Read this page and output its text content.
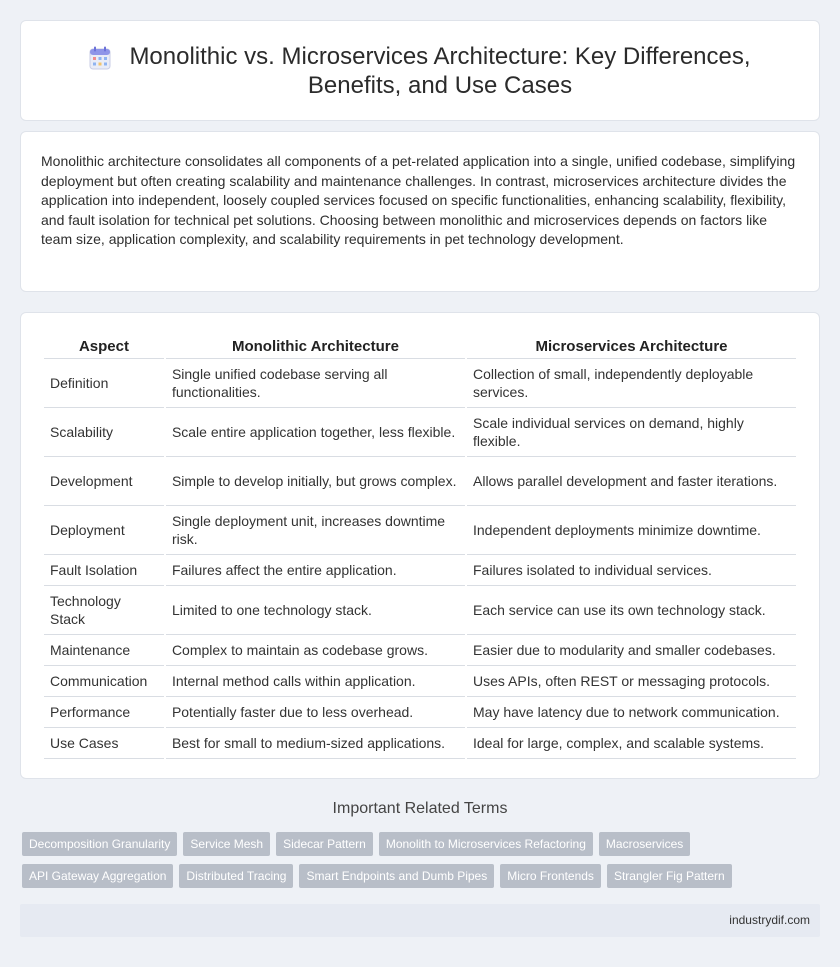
Monolithic vs. Microservices Architecture: Key Differences, Benefits, and Use Cases

Monolithic architecture consolidates all components of a pet-related application into a single, unified codebase, simplifying deployment but often creating scalability and maintenance challenges. In contrast, microservices architecture divides the application into independent, loosely coupled services focused on specific functionalities, enhancing scalability, flexibility, and fault isolation for technical pet solutions. Choosing between monolithic and microservices depends on factors like team size, application complexity, and scalability requirements in pet technology development.

Aspect	Monolithic Architecture	Microservices Architecture
Definition	Single unified codebase serving all functionalities.	Collection of small, independently deployable services.
Scalability	Scale entire application together, less flexible.	Scale individual services on demand, highly flexible.
Development	Simple to develop initially, but grows complex.	Allows parallel development and faster iterations.
Deployment	Single deployment unit, increases downtime risk.	Independent deployments minimize downtime.
Fault Isolation	Failures affect the entire application.	Failures isolated to individual services.
Technology Stack	Limited to one technology stack.	Each service can use its own technology stack.
Maintenance	Complex to maintain as codebase grows.	Easier due to modularity and smaller codebases.
Communication	Internal method calls within application.	Uses APIs, often REST or messaging protocols.
Performance	Potentially faster due to less overhead.	May have latency due to network communication.
Use Cases	Best for small to medium-sized applications.	Ideal for large, complex, and scalable systems.
Important Related Terms
Decomposition Granularity	Service Mesh	Sidecar Pattern	Monolith to Microservices Refactoring	Macroservices
API Gateway Aggregation	Distributed Tracing	Smart Endpoints and Dumb Pipes	Micro Frontends	Strangler Fig Pattern
industrydif.com
